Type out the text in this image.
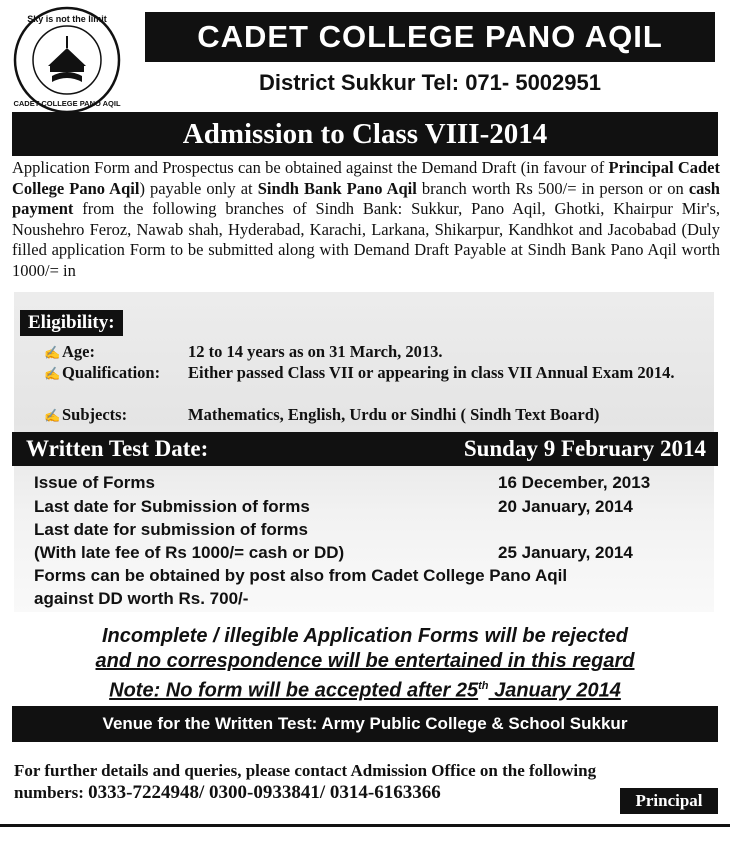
Sky is not the limit
CADET COLLEGE PANO AQIL
CADET COLLEGE PANO AQIL
District Sukkur Tel: 071- 5002951
Admission to Class VIII-2014
Application Form and Prospectus can be obtained against the Demand Draft (in favour of Principal Cadet College Pano Aqil) payable only at Sindh Bank Pano Aqil branch worth Rs 500/= in person or on cash payment from the following branches of Sindh Bank: Sukkur, Pano Aqil, Ghotki, Khairpur Mir's, Noushehro Feroz, Nawab shah, Hyderabad, Karachi, Larkana, Shikarpur, Kandhkot and Jacobabad (Duly filled application Form to be submitted along with Demand Draft Payable at Sindh Bank Pano Aqil worth 1000/= in
Eligibility:
✍ Age:	12 to 14 years as on 31 March, 2013.
✍ Qualification:	Either passed Class VII or appearing in class VII Annual Exam 2014.
✍ Subjects:	Mathematics, English, Urdu or Sindhi ( Sindh Text Board)
Written Test Date:	Sunday 9 February 2014
Issue of Forms	16 December, 2013
Last date for Submission of forms	20 January, 2014
Last date for submission of forms
(With late fee of Rs 1000/= cash or DD)	25 January, 2014
Forms can be obtained by post also from Cadet College Pano Aqil
against DD worth Rs. 700/-
Incomplete / illegible Application Forms will be rejected
and no correspondence will be entertained in this regard
Note: No form will be accepted after 25th January 2014
Venue for the Written Test: Army Public College & School Sukkur
For further details and queries, please contact Admission Office on the following
numbers: 0333-7224948/ 0300-0933841/ 0314-6163366	Principal
